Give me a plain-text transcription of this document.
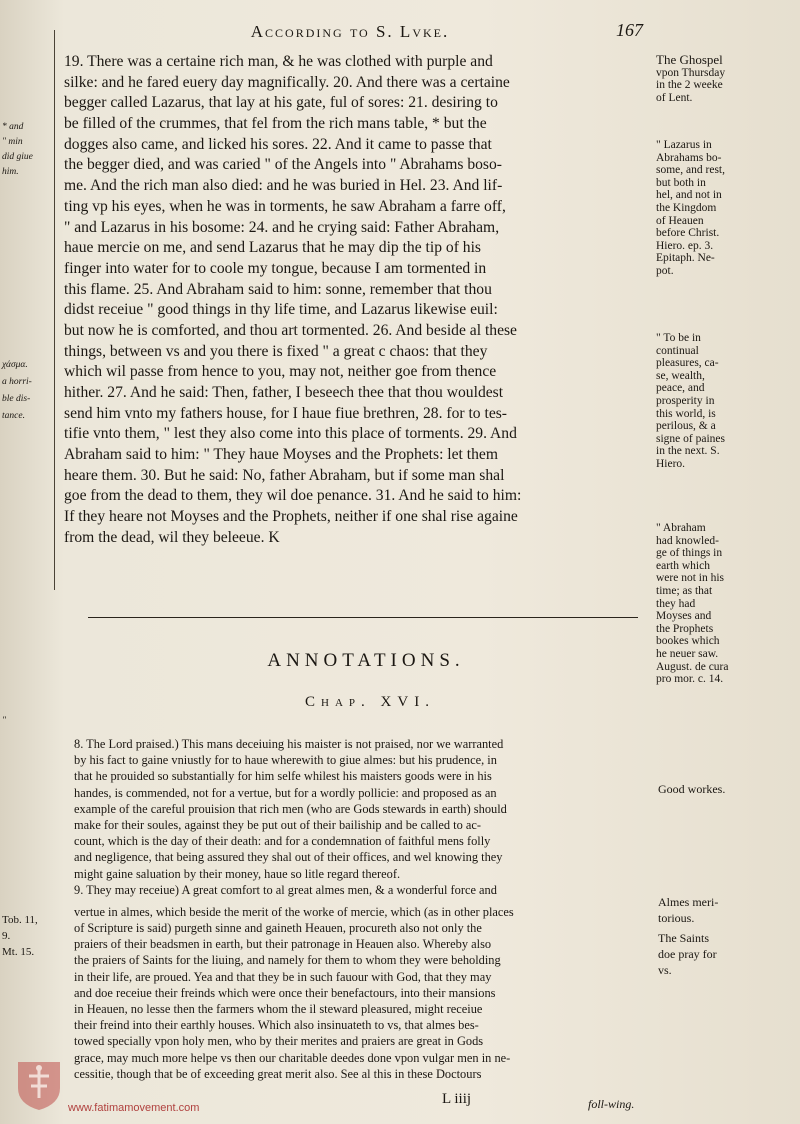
According to S. Lvke.	167
* and
" min
did giue
him.
χάσμα.
a horri-
ble dis-
tance.
"
Tob. 11,
9.
Mt. 15.
19. There was a certaine rich man, & he was clothed with purple and
silke: and he fared euery day magnifically. 20. And there was a certaine
begger called Lazarus, that lay at his gate, ful of sores: 21. desiring to
be filled of the crummes, that fel from the rich mans table, * but the
dogges also came, and licked his sores. 22. And it came to passe that
the begger died, and was caried " of the Angels into " Abrahams boso-
me. And the rich man also died: and he was buried in Hel. 23. And lif-
ting vp his eyes, when he was in torments, he saw Abraham a farre off,
" and Lazarus in his bosome: 24. and he crying said: Father Abraham,
haue mercie on me, and send Lazarus that he may dip the tip of his
finger into water for to coole my tongue, because I am tormented in
this flame. 25. And Abraham said to him: sonne, remember that thou
didst receiue " good things in thy life time, and Lazarus likewise euil:
but now he is comforted, and thou art tormented. 26. And beside al these
things, between vs and you there is fixed " a great c chaos: that they
which wil passe from hence to you, may not, neither goe from thence
hither. 27. And he said: Then, father, I beseech thee that thou wouldest
send him vnto my fathers house, for I haue fiue brethren, 28. for to tes-
tifie vnto them, " lest they also come into this place of torments. 29. And
Abraham said to him: " They haue Moyses and the Prophets: let them
heare them. 30. But he said: No, father Abraham, but if some man shal
goe from the dead to them, they wil doe penance. 31. And he said to him:
If they heare not Moyses and the Prophets, neither if one shal rise againe
from the dead, wil they beleeue. K
The Ghospel
vpon Thursday
in the 2 weeke
of Lent.
" Lazarus in
Abrahams bo-
some, and rest,
but both in
hel, and not in
the Kingdom
of Heauen
before Christ.
Hiero. ep. 3.
Epitaph. Ne-
pot.
" To be in
continual
pleasures, ca-
se, wealth,
peace, and
prosperity in
this world, is
perilous, & a
signe of paines
in the next. S.
Hiero.
" Abraham
had knowled-
ge of things in
earth which
were not in his
time; as that
they had
Moyses and
the Prophets
bookes which
he neuer saw.
August. de cura
pro mor. c. 14.
ANNOTATIONS.
Chap. XVI.
8. The Lord praised.) This mans deceiuing his maister is not praised, nor we warranted
by his fact to gaine vniustly for to haue wherewith to giue almes: but his prudence, in
that he prouided so substantially for him selfe whilest his maisters goods were in his
handes, is commended, not for a vertue, but for a wordly pollicie: and proposed as an
example of the careful prouision that rich men (who are Gods stewards in earth) should
make for their soules, against they be put out of their bailiship and be called to ac-
count, which is the day of their death: and for a condemnation of faithful mens folly
and negligence, that being assured they shal out of their offices, and wel knowing they
might gaine saluation by their money, haue so litle regard thereof.
9. They may receiue) A great comfort to al great almes men, & a wonderful force and
vertue in almes, which beside the merit of the worke of mercie, which (as in other places
of Scripture is said) purgeth sinne and gaineth Heauen, procureth also not only the
praiers of their beadsmen in earth, but their patronage in Heauen also. Whereby also
the praiers of Saints for the liuing, and namely for them to whom they were beholding
in their life, are proued. Yea and that they be in such fauour with God, that they may
and doe receiue their freinds which were once their benefactours, into their mansions
in Heauen, no lesse then the farmers whom the il steward pleasured, might receiue
their freind into their earthly houses. Which also insinuateth to vs, that almes bes-
towed specially vpon holy men, who by their merites and praiers are great in Gods
grace, may much more helpe vs then our charitable deedes done vpon vulgar men in ne-
cessitie, though that be of exceeding great merit also. See al this in these Doctours
Good workes.
Almes meri-
torious.
The Saints
doe pray for
vs.
L iiij	foll-wing.
www.fatimamovement.com
